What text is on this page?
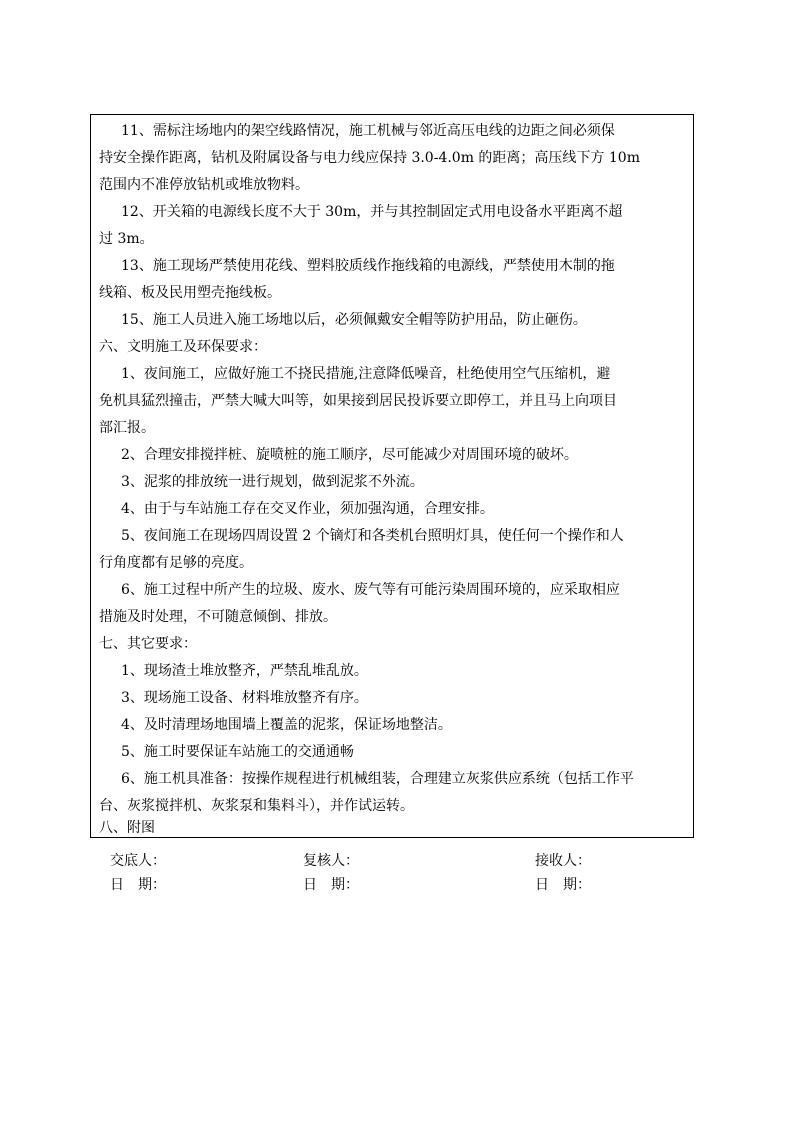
11、需标注场地内的架空线路情况，施工机械与邻近高压电线的边距之间必须保
持安全操作距离，钻机及附属设备与电力线应保持 3.0-4.0m 的距离；高压线下方 10m
范围内不准停放钻机或堆放物料。
12、开关箱的电源线长度不大于 30m，并与其控制固定式用电设备水平距离不超
过 3m。
13、施工现场严禁使用花线、塑料胶质线作拖线箱的电源线，严禁使用木制的拖
线箱、板及民用塑壳拖线板。
15、施工人员进入施工场地以后，必须佩戴安全帽等防护用品，防止砸伤。
六、文明施工及环保要求：
1、夜间施工，应做好施工不挠民措施,注意降低噪音，杜绝使用空气压缩机，避
免机具猛烈撞击，严禁大喊大叫等，如果接到居民投诉要立即停工，并且马上向项目
部汇报。
2、合理安排搅拌桩、旋喷桩的施工顺序，尽可能减少对周围环境的破坏。
3、泥浆的排放统一进行规划，做到泥浆不外流。
4、由于与车站施工存在交叉作业，须加强沟通，合理安排。
5、夜间施工在现场四周设置 2 个镝灯和各类机台照明灯具，使任何一个操作和人
行角度都有足够的亮度。
6、施工过程中所产生的垃圾、废水、废气等有可能污染周围环境的，应采取相应
措施及时处理，不可随意倾倒、排放。
七、其它要求：
1、现场渣土堆放整齐，严禁乱堆乱放。
3、现场施工设备、材料堆放整齐有序。
4、及时清理场地围墙上覆盖的泥浆，保证场地整洁。
5、施工时要保证车站施工的交通通畅
6、施工机具准备：按操作规程进行机械组装，合理建立灰浆供应系统（包括工作平
台、灰浆搅拌机、灰浆泵和集料斗），并作试运转。
八、附图
交底人：	复核人：	接收人：
日　期：	日　期：	日　期：
